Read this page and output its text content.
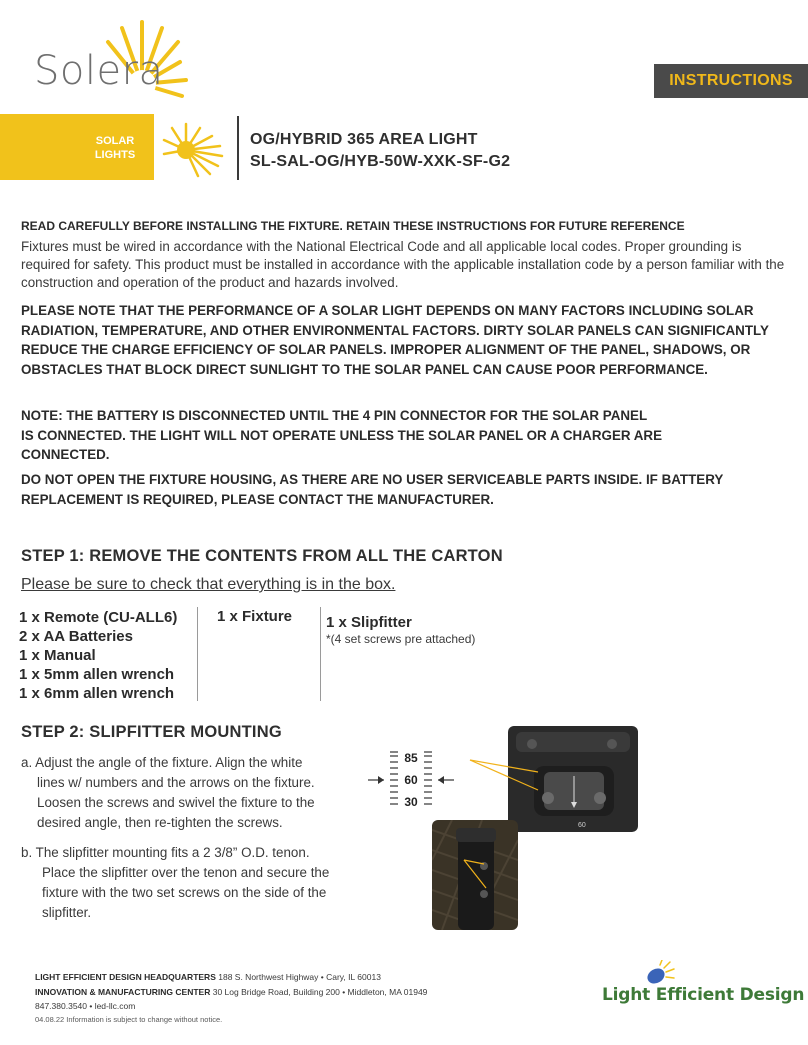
Solera	INSTRUCTIONS
SOLAR
LIGHTS
OG/HYBRID 365 AREA LIGHT
SL-SAL-OG/HYB-50W-XXK-SF-G2
READ CAREFULLY BEFORE INSTALLING THE FIXTURE. RETAIN THESE INSTRUCTIONS FOR FUTURE REFERENCE
Fixtures must be wired in accordance with the National Electrical Code and all applicable local codes. Proper grounding is required for safety. This product must be installed in accordance with the applicable installation code by a person familiar with the construction and operation of the product and hazards involved.
PLEASE NOTE THAT THE PERFORMANCE OF A SOLAR LIGHT DEPENDS ON MANY FACTORS INCLUDING SOLAR RADIATION, TEMPERATURE, AND OTHER ENVIRONMENTAL FACTORS. DIRTY SOLAR PANELS CAN SIGNIFICANTLY REDUCE THE CHARGE EFFICIENCY OF SOLAR PANELS. IMPROPER ALIGNMENT OF THE PANEL, SHADOWS, OR OBSTACLES THAT BLOCK DIRECT SUNLIGHT TO THE SOLAR PANEL CAN CAUSE POOR PERFORMANCE.
NOTE: THE BATTERY IS DISCONNECTED UNTIL THE 4 PIN CONNECTOR FOR THE SOLAR PANEL
IS CONNECTED. THE LIGHT WILL NOT OPERATE UNLESS THE SOLAR PANEL OR A CHARGER ARE
CONNECTED.
DO NOT OPEN THE FIXTURE HOUSING, AS THERE ARE NO USER SERVICEABLE PARTS INSIDE. IF BATTERY REPLACEMENT IS REQUIRED, PLEASE CONTACT THE MANUFACTURER.
STEP 1: REMOVE THE CONTENTS FROM ALL THE CARTON
Please be sure to check that everything is in the box.
1 x Remote (CU-ALL6)
2 x AA Batteries
1 x Manual
1 x 5mm allen wrench
1 x 6mm allen wrench
1 x Fixture 1 x Slipfitter
*(4 set screws pre attached)
STEP 2: SLIPFITTER MOUNTING
a. Adjust the angle of the fixture. Align the white
lines w/ numbers and the arrows on the fixture.
Loosen the screws and swivel the fixture to the
desired angle, then re-tighten the screws.
b. The slipfitter mounting fits a 2 3/8” O.D. tenon.
Place the slipfitter over the tenon and secure the
fixture with the two set screws on the side of the
slipfitter.
85
60
30
60
LIGHT EFFICIENT DESIGN HEADQUARTERS 188 S. Northwest Highway • Cary, IL 60013
INNOVATION & MANUFACTURING CENTER 30 Log Bridge Road, Building 200 • Middleton, MA 01949
847.380.3540 • led-llc.com
04.08.22 Information is subject to change without notice.
Light Efficient Design
